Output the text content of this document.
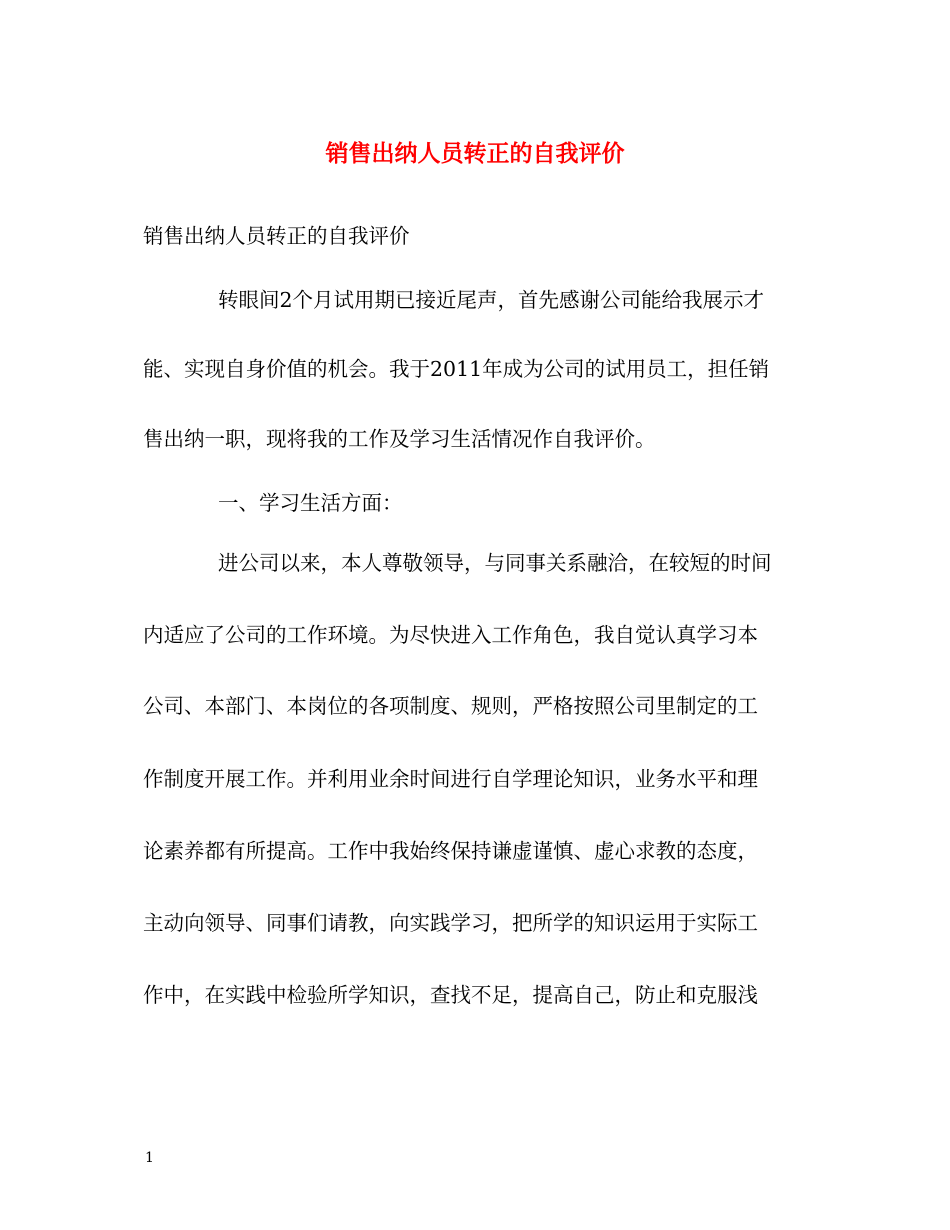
销售出纳人员转正的自我评价
销售出纳人员转正的自我评价
转眼间2个月试用期已接近尾声，首先感谢公司能给我展示才
能、实现自身价值的机会。我于2011年成为公司的试用员工，担任销
售出纳一职，现将我的工作及学习生活情况作自我评价。
一、学习生活方面：
进公司以来，本人尊敬领导，与同事关系融洽，在较短的时间
内适应了公司的工作环境。为尽快进入工作角色，我自觉认真学习本
公司、本部门、本岗位的各项制度、规则，严格按照公司里制定的工
作制度开展工作。并利用业余时间进行自学理论知识，业务水平和理
论素养都有所提高。工作中我始终保持谦虚谨慎、虚心求教的态度，
主动向领导、同事们请教，向实践学习，把所学的知识运用于实际工
作中，在实践中检验所学知识，查找不足，提高自己，防止和克服浅
1
